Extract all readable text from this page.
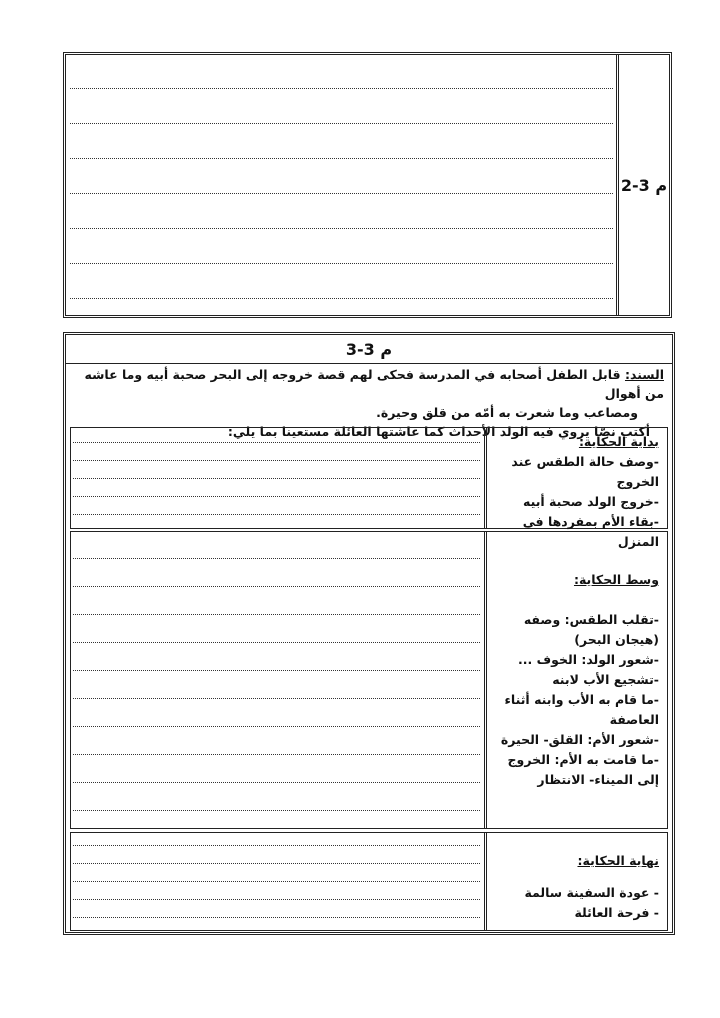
م 3-2
م 3-3
السند: قابل الطفل أصحابه في المدرسة فحكى لهم قصة خروجه إلى البحر صحبة أبيه وما عاشه من أهوال
ومصاعب وما شعرت به أمّه من قلق وحيرة.
أكتب نصّا يروي فيه الولد الأحداث كما عاشتها العائلة مستعينا بما يلي:
بداية الحكاية:
-وصف حالة الطقس عند الخروج
-خروج الولد صحبة أبيه
-بقاء الأم بمفردها في المنزل
وسط الحكاية:
-تقلب الطقس: وصفه (هيجان البحر)
-شعور الولد: الخوف ...
-تشجيع الأب لابنه
-ما قام به الأب وابنه أثناء العاصفة
-شعور الأم: القلق- الحيرة
-ما قامت به الأم: الخروج إلى الميناء- الانتظار
نهاية الحكاية:
- عودة السفينة سالمة
- فرحة العائلة
